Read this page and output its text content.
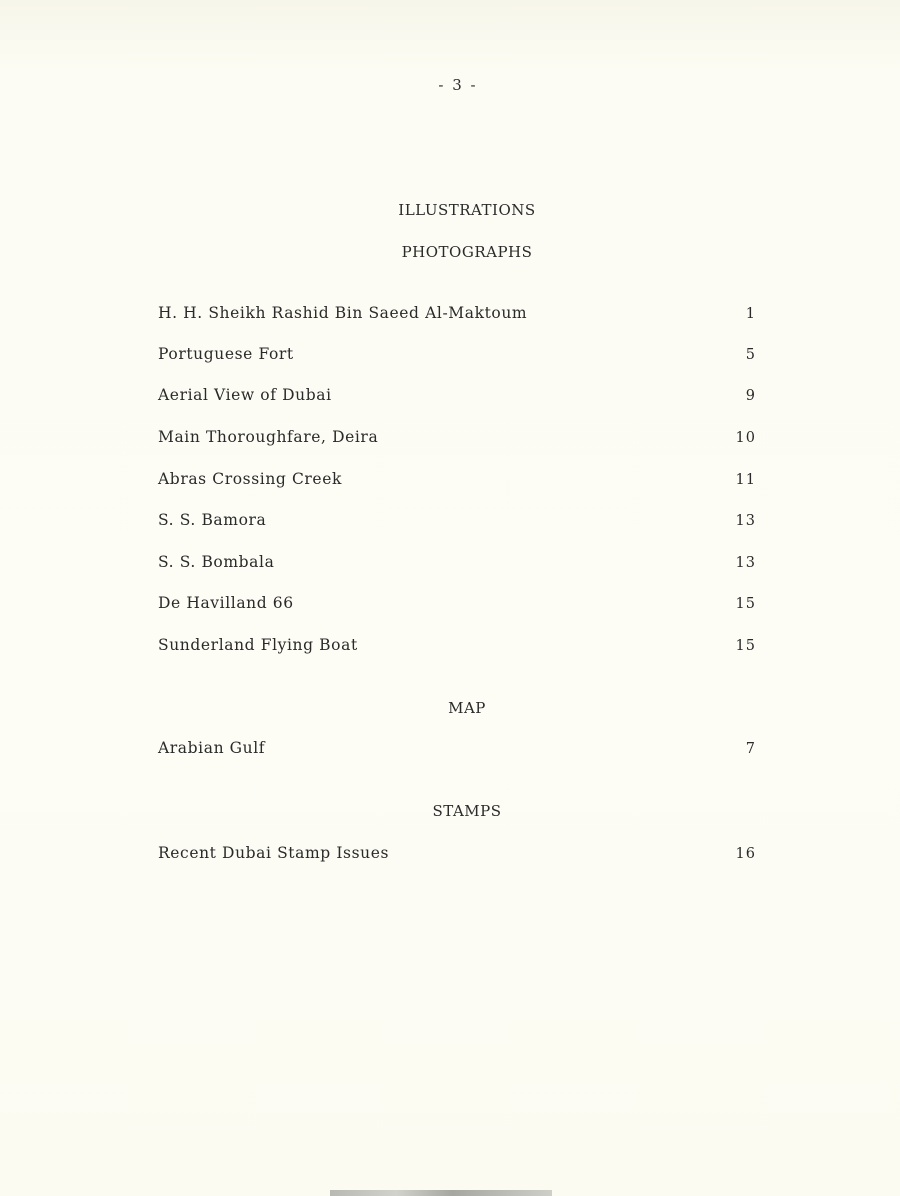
- 3 -
ILLUSTRATIONS
PHOTOGRAPHS
H. H. Sheikh Rashid Bin Saeed Al-Maktoum	1
Portuguese Fort	5
Aerial View of Dubai	9
Main Thoroughfare, Deira	10
Abras Crossing Creek	11
S. S. Bamora	13
S. S. Bombala	13
De Havilland 66	15
Sunderland Flying Boat	15
MAP
Arabian Gulf	7
STAMPS
Recent Dubai Stamp Issues	16
